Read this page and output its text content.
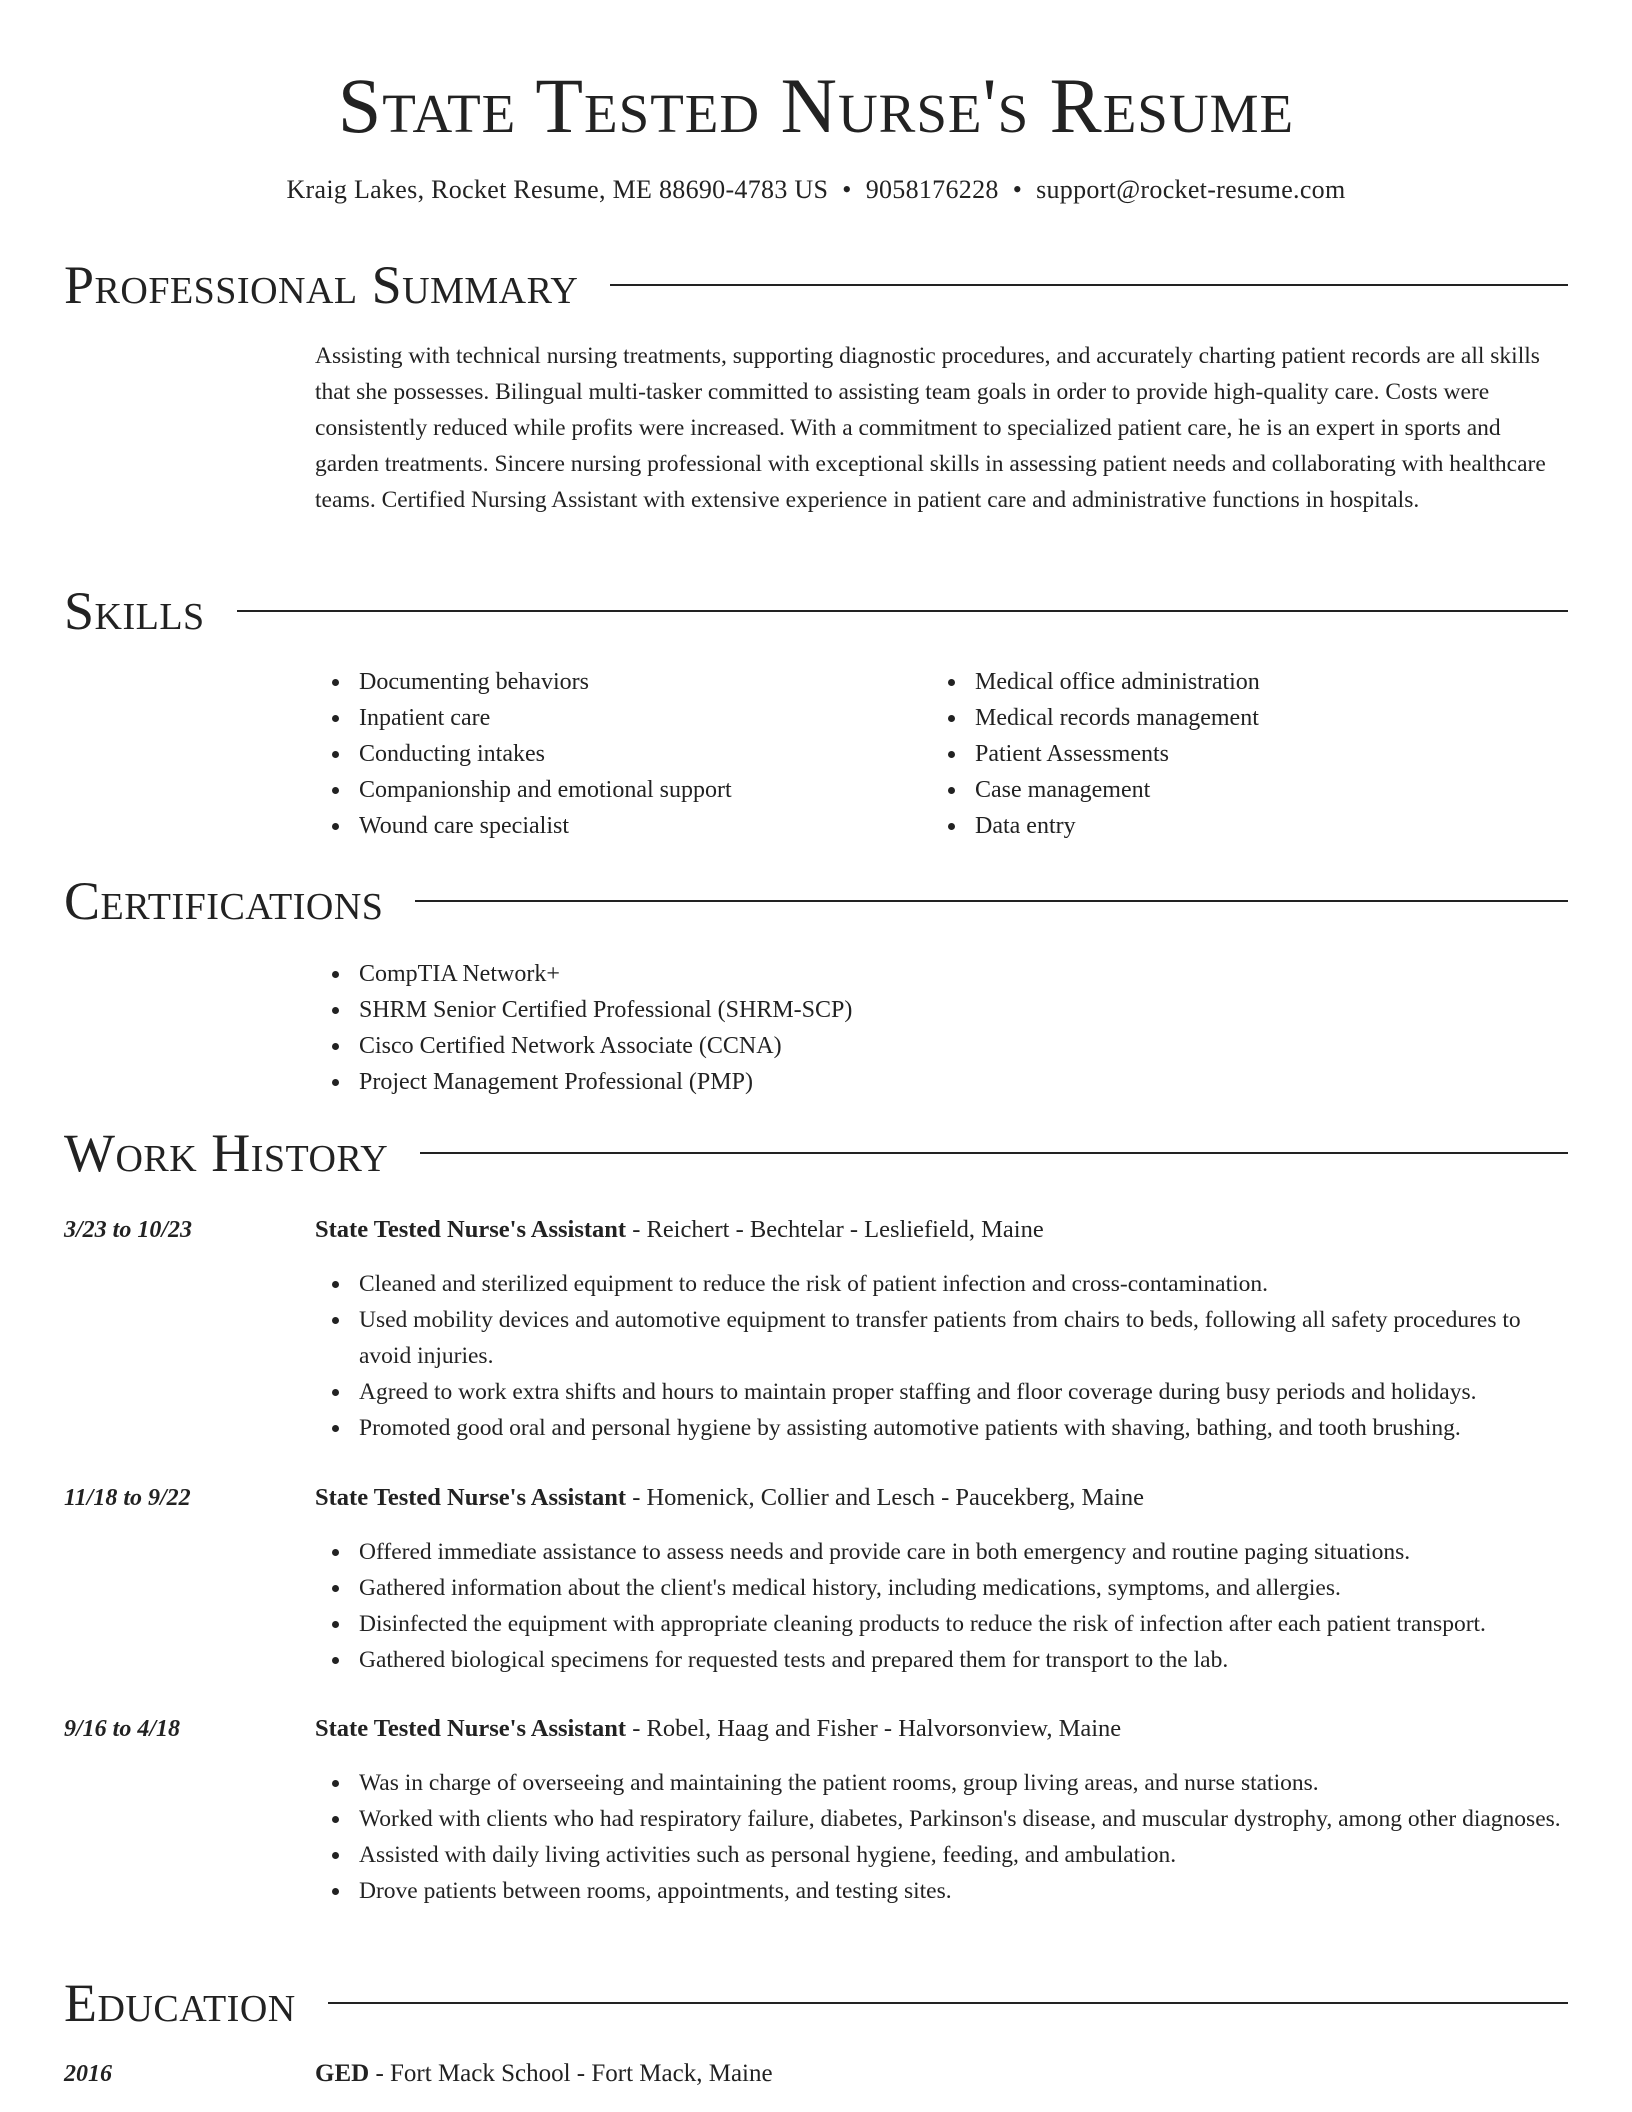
State Tested Nurse's Resume
Kraig Lakes, Rocket Resume, ME 88690-4783 US • 9058176228 • support@rocket-resume.com
Professional Summary

Assisting with technical nursing treatments, supporting diagnostic procedures, and accurately charting patient records are all skills that she possesses. Bilingual multi-tasker committed to assisting team goals in order to provide high-quality care. Costs were consistently reduced while profits were increased. With a commitment to specialized patient care, he is an expert in sports and garden treatments. Sincere nursing professional with exceptional skills in assessing patient needs and collaborating with healthcare teams. Certified Nursing Assistant with extensive experience in patient care and administrative functions in hospitals.

Skills
Documenting behaviors
Inpatient care
Conducting intakes
Companionship and emotional support
Wound care specialist
Medical office administration
Medical records management
Patient Assessments
Case management
Data entry
Certifications
CompTIA Network+
SHRM Senior Certified Professional (SHRM-SCP)
Cisco Certified Network Associate (CCNA)
Project Management Professional (PMP)
Work History
3/23 to 10/23	State Tested Nurse's Assistant - Reichert - Bechtelar - Lesliefield, Maine
Cleaned and sterilized equipment to reduce the risk of patient infection and cross-contamination.
Used mobility devices and automotive equipment to transfer patients from chairs to beds, following all safety procedures to avoid injuries.
Agreed to work extra shifts and hours to maintain proper staffing and floor coverage during busy periods and holidays.
Promoted good oral and personal hygiene by assisting automotive patients with shaving, bathing, and tooth brushing.
11/18 to 9/22	State Tested Nurse's Assistant - Homenick, Collier and Lesch - Paucekberg, Maine
Offered immediate assistance to assess needs and provide care in both emergency and routine paging situations.
Gathered information about the client's medical history, including medications, symptoms, and allergies.
Disinfected the equipment with appropriate cleaning products to reduce the risk of infection after each patient transport.
Gathered biological specimens for requested tests and prepared them for transport to the lab.
9/16 to 4/18	State Tested Nurse's Assistant - Robel, Haag and Fisher - Halvorsonview, Maine
Was in charge of overseeing and maintaining the patient rooms, group living areas, and nurse stations.
Worked with clients who had respiratory failure, diabetes, Parkinson's disease, and muscular dystrophy, among other diagnoses.
Assisted with daily living activities such as personal hygiene, feeding, and ambulation.
Drove patients between rooms, appointments, and testing sites.
Education
2016	GED - Fort Mack School - Fort Mack, Maine
